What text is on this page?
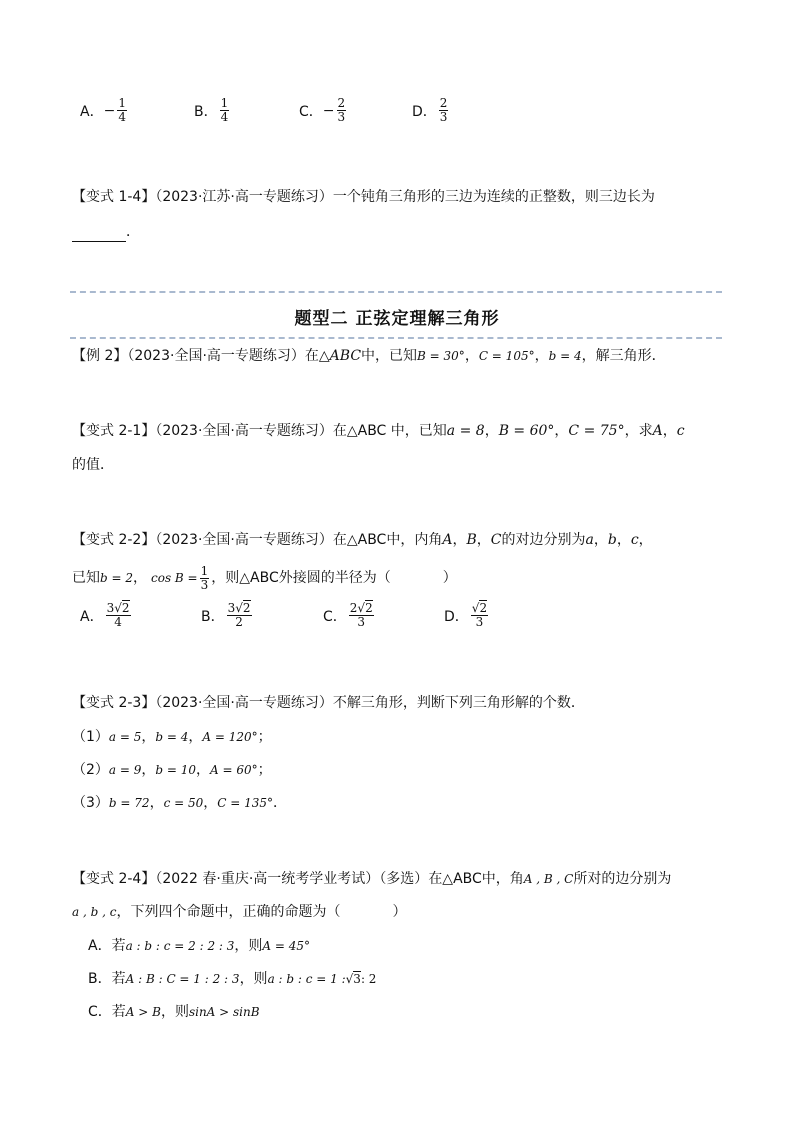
A． − $\frac{1}{4}$	B． $\frac{1}{4}$	C． − $\frac{2}{3}$	D． $\frac{2}{3}$
【变式 1-4】（2023·江苏·高一专题练习）一个钝角三角形的三边为连续的正整数，则三边长为
．
题型二 正弦定理解三角形
【例 2】（2023·全国·高一专题练习）在△ABC中，已知B = 30°，C = 105°，b = 4，解三角形．
【变式 2-1】（2023·全国·高一专题练习）在△ABC 中，已知a = 8，B = 60°，C = 75°，求A，c
的值．
【变式 2-2】（2023·全国·高一专题练习）在△ABC中，内角A，B，C的对边分别为a，b，c，
已知 b = 2 ， $\cos B = \frac{1}{3}$ ，则△ABC外接圆的半径为（	）
A． $\frac{3√2}{4}$	B． $\frac{3√2}{2}$	C． $\frac{2√2}{3}$	D． $\frac{√2}{3}$
【变式 2-3】（2023·全国·高一专题练习）不解三角形，判断下列三角形解的个数．
（1）a = 5，b = 4，A = 120°；
（2）a = 9，b = 10，A = 60°；
（3）b = 72，c = 50，C = 135°．
【变式 2-4】（2022 春·重庆·高一统考学业考试）（多选）在△ABC中，角A , B , C所对的边分别为
a , b , c，下列四个命题中，正确的命题为（	）
A．若a : b : c = 2 : 2 : 3，则A = 45°
B．若A : B : C = 1 : 2 : 3，则a : b : c = 1 :√3: 2
C．若A > B，则sinA > sinB
